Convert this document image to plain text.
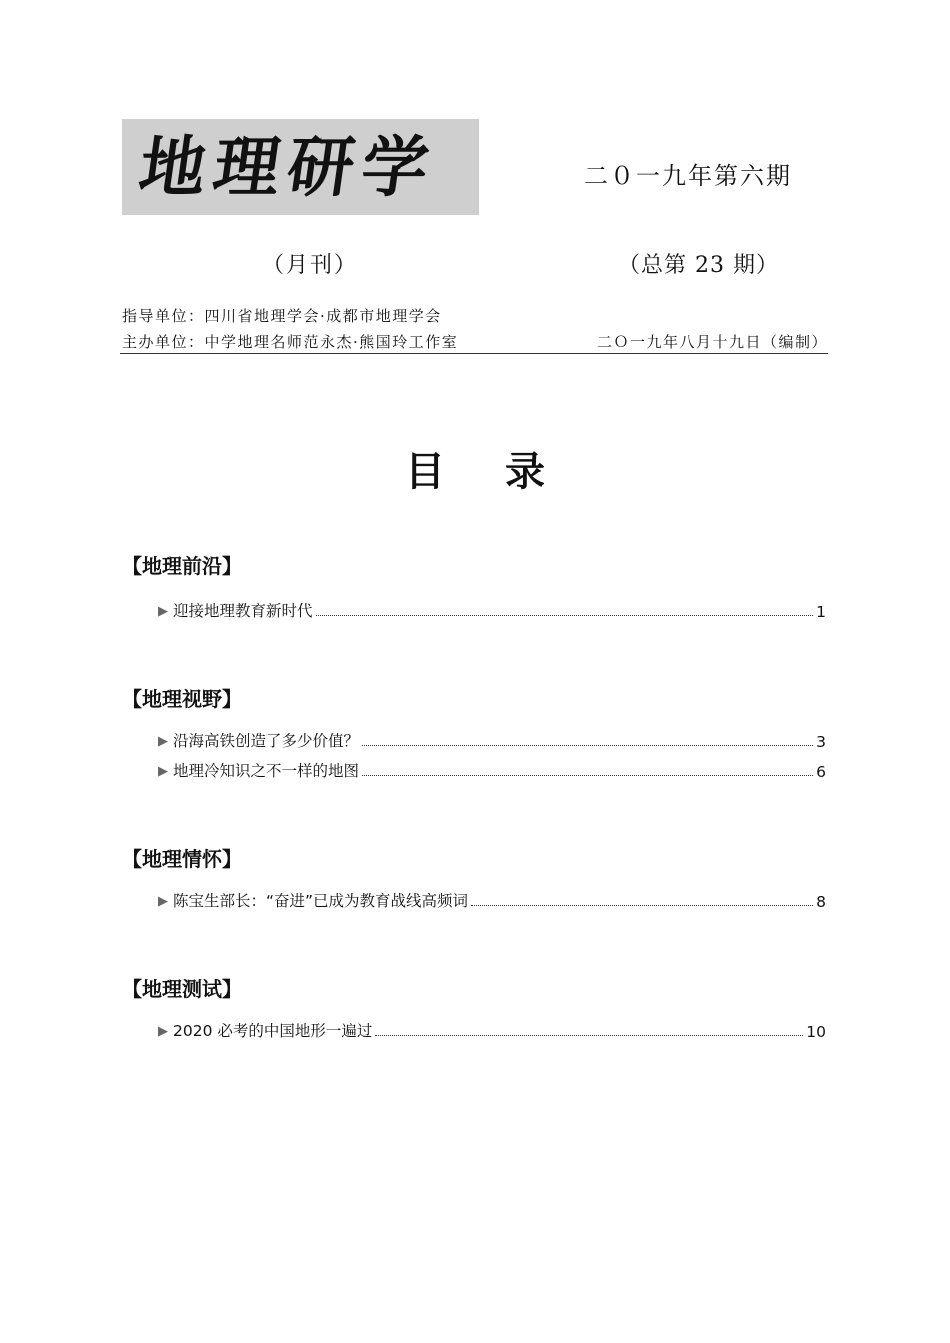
地理研学	二０一九年第六期
（月刊）	（总第 23 期）
指导单位：四川省地理学会·成都市地理学会
主办单位：中学地理名师范永杰·熊国玲工作室	二Ｏ一九年八月十九日（编制）
目录
【地理前沿】
▶ 迎接地理教育新时代	1
【地理视野】
▶ 沿海高铁创造了多少价值？	3
▶ 地理冷知识之不一样的地图	6
【地理情怀】
▶ 陈宝生部长：“奋进”已成为教育战线高频词	8
【地理测试】
▶ 2020 必考的中国地形一遍过	10
